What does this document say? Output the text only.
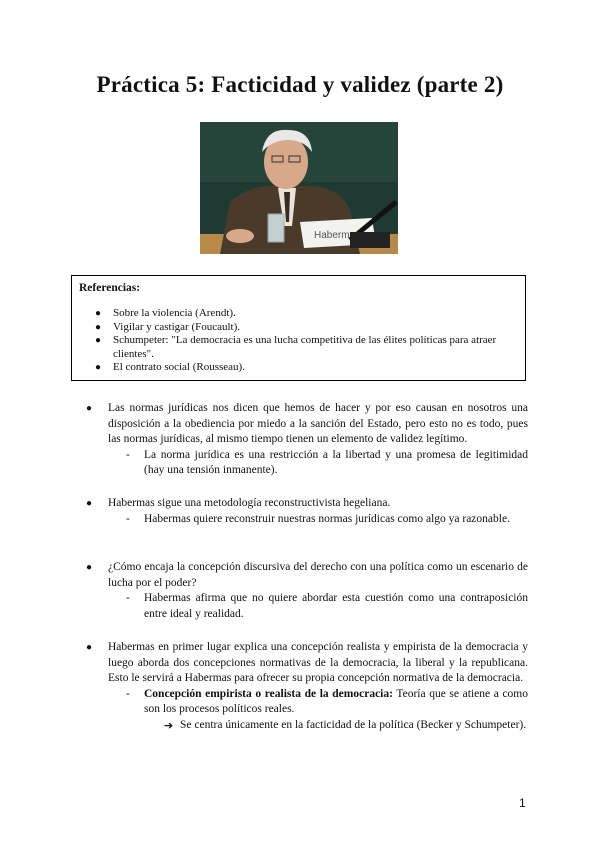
Práctica 5: Facticidad y validez (parte 2)
Haberm
Referencias:
● Sobre la violencia (Arendt).
● Vigilar y castigar (Foucault).
● Schumpeter: "La democracia es una lucha competitiva de las élites políticas para atraer clientes".
● El contrato social (Rousseau).
● Las normas jurídicas nos dicen que hemos de hacer y por eso causan en nosotros una disposición a la obediencia por miedo a la sanción del Estado, pero esto no es todo, pues las normas jurídicas, al mismo tiempo tienen un elemento de validez legítimo.
- La norma jurídica es una restricción a la libertad y una promesa de legitimidad (hay una tensión inmanente).
● Habermas sigue una metodología reconstructivista hegeliana.
- Habermas quiere reconstruir nuestras normas jurídicas como algo ya razonable.
● ¿Cómo encaja la concepción discursiva del derecho con una política como un escenario de lucha por el poder?
- Habermas afirma que no quiere abordar esta cuestión como una contraposición entre ideal y realidad.
● Habermas en primer lugar explica una concepción realista y empirista de la democracia y luego aborda dos concepciones normativas de la democracia, la liberal y la republicana. Esto le servirá a Habermas para ofrecer su propia concepción normativa de la democracia.
- Concepción empirista o realista de la democracia: Teoría que se atiene a como son los procesos políticos reales.
➔ Se centra únicamente en la facticidad de la política (Becker y Schumpeter).
1
